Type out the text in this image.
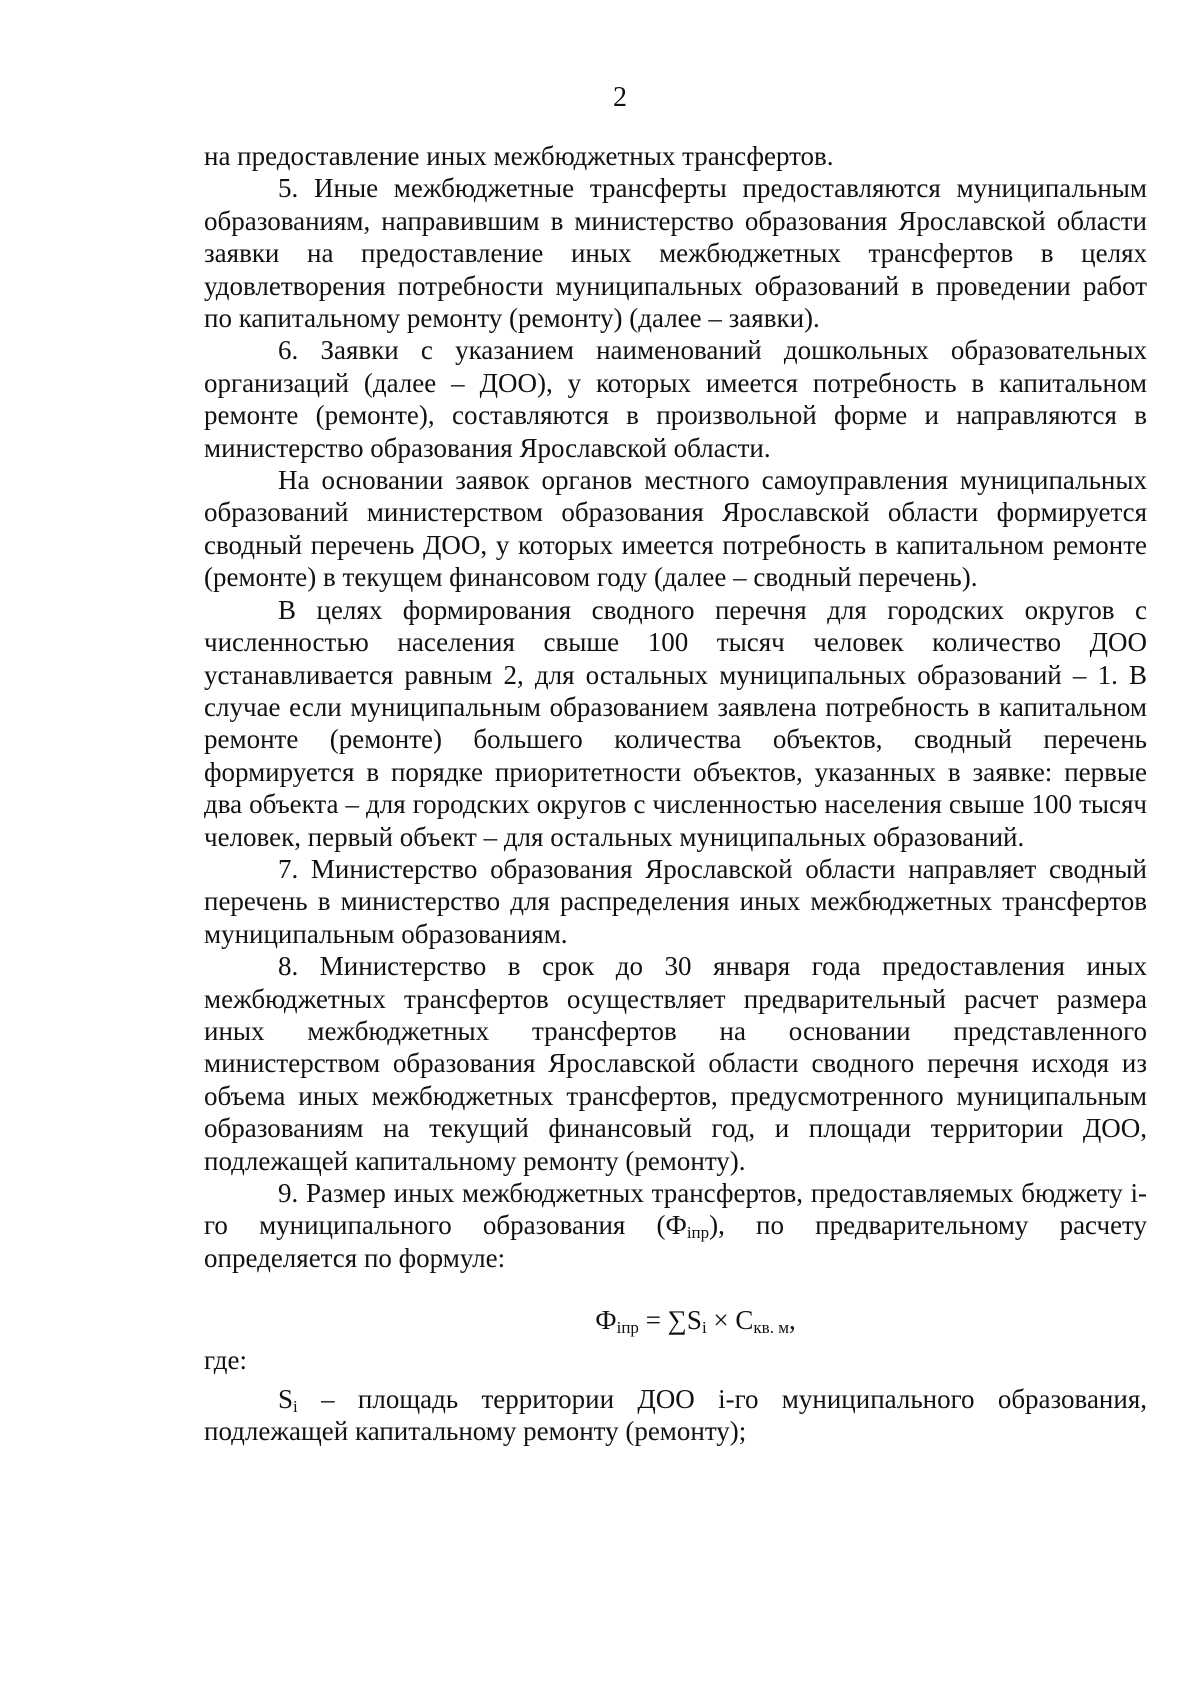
2

на предоставление иных межбюджетных трансфертов.

5. Иные межбюджетные трансферты предоставляются муниципальным образованиям, направившим в министерство образования Ярославской области заявки на предоставление иных межбюджетных трансфертов в целях удовлетворения потребности муниципальных образований в проведении работ по капитальному ремонту (ремонту) (далее – заявки).

6. Заявки с указанием наименований дошкольных образовательных организаций (далее – ДОО), у которых имеется потребность в капитальном ремонте (ремонте), составляются в произвольной форме и направляются в министерство образования Ярославской области.

На основании заявок органов местного самоуправления муниципальных образований министерством образования Ярославской области формируется сводный перечень ДОО, у которых имеется потребность в капитальном ремонте (ремонте) в текущем финансовом году (далее – сводный перечень).

В целях формирования сводного перечня для городских округов с численностью населения свыше 100 тысяч человек количество ДОО устанавливается равным 2, для остальных муниципальных образований – 1. В случае если муниципальным образованием заявлена потребность в капитальном ремонте (ремонте) большего количества объектов, сводный перечень формируется в порядке приоритетности объектов, указанных в заявке: первые два объекта – для городских округов с численностью населения свыше 100 тысяч человек, первый объект – для остальных муниципальных образований.

7. Министерство образования Ярославской области направляет сводный перечень в министерство для распределения иных межбюджетных трансфертов муниципальным образованиям.

8. Министерство в срок до 30 января года предоставления иных межбюджетных трансфертов осуществляет предварительный расчет размера иных межбюджетных трансфертов на основании представленного министерством образования Ярославской области сводного перечня исходя из объема иных межбюджетных трансфертов, предусмотренного муниципальным образованиям на текущий финансовый год, и площади территории ДОО, подлежащей капитальному ремонту (ремонту).

9. Размер иных межбюджетных трансфертов, предоставляемых бюджету i-го муниципального образования (Фiпр), по предварительному расчету определяется по формуле:

$Ф_{iпр} = \sum S_i \times С_{кв. м}$,

где:

Si – площадь территории ДОО i-го муниципального образования, подлежащей капитальному ремонту (ремонту);
